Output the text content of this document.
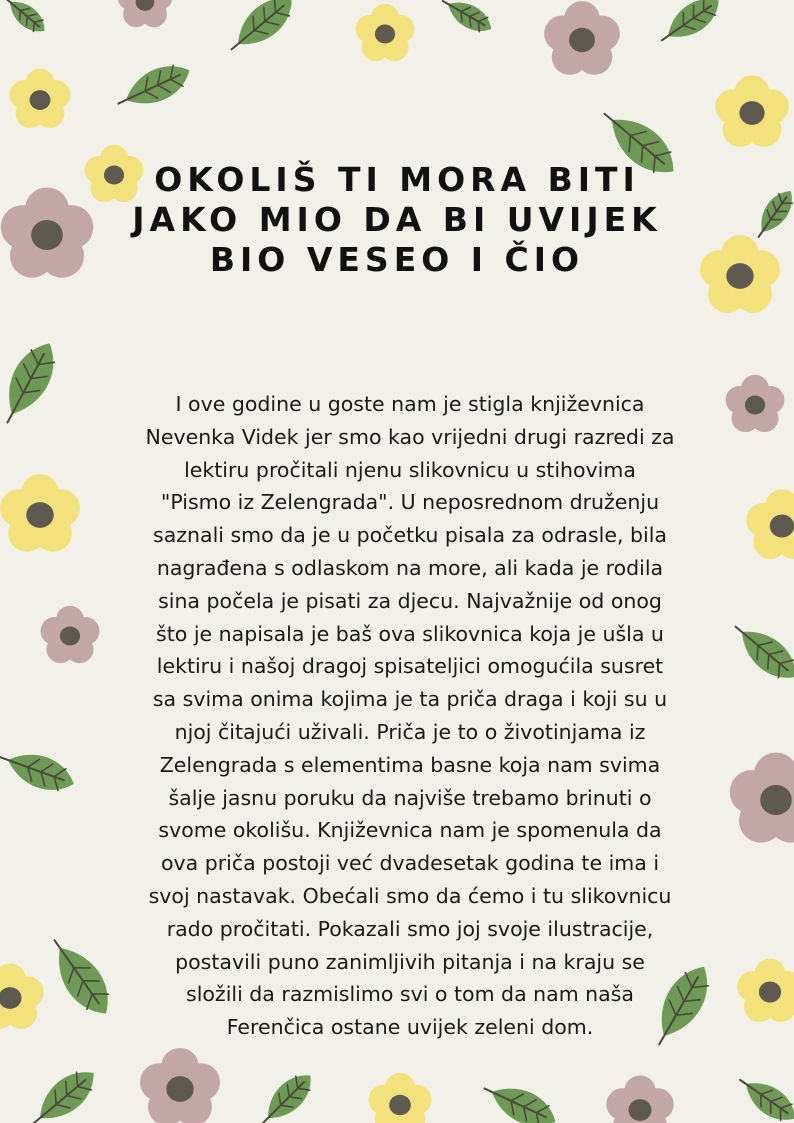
OKOLIŠ TI MORA BITI
JAKO MIO DA BI UVIJEK
BIO VESEO I ČIO
I ove godine u goste nam je stigla književnica
Nevenka Videk jer smo kao vrijedni drugi razredi za
lektiru pročitali njenu slikovnicu u stihovima
"Pismo iz Zelengrada". U neposrednom druženju
saznali smo da je u početku pisala za odrasle, bila
nagrađena s odlaskom na more, ali kada je rodila
sina počela je pisati za djecu. Najvažnije od onog
što je napisala je baš ova slikovnica koja je ušla u
lektiru i našoj dragoj spisateljici omogućila susret
sa svima onima kojima je ta priča draga i koji su u
njoj čitajući uživali. Priča je to o životinjama iz
Zelengrada s elementima basne koja nam svima
šalje jasnu poruku da najviše trebamo brinuti o
svome okolišu. Književnica nam je spomenula da
ova priča postoji već dvadesetak godina te ima i
svoj nastavak. Obećali smo da ćemo i tu slikovnicu
rado pročitati. Pokazali smo joj svoje ilustracije,
postavili puno zanimljivih pitanja i na kraju se
složili da razmislimo svi o tom da nam naša
Ferenčica ostane uvijek zeleni dom.
